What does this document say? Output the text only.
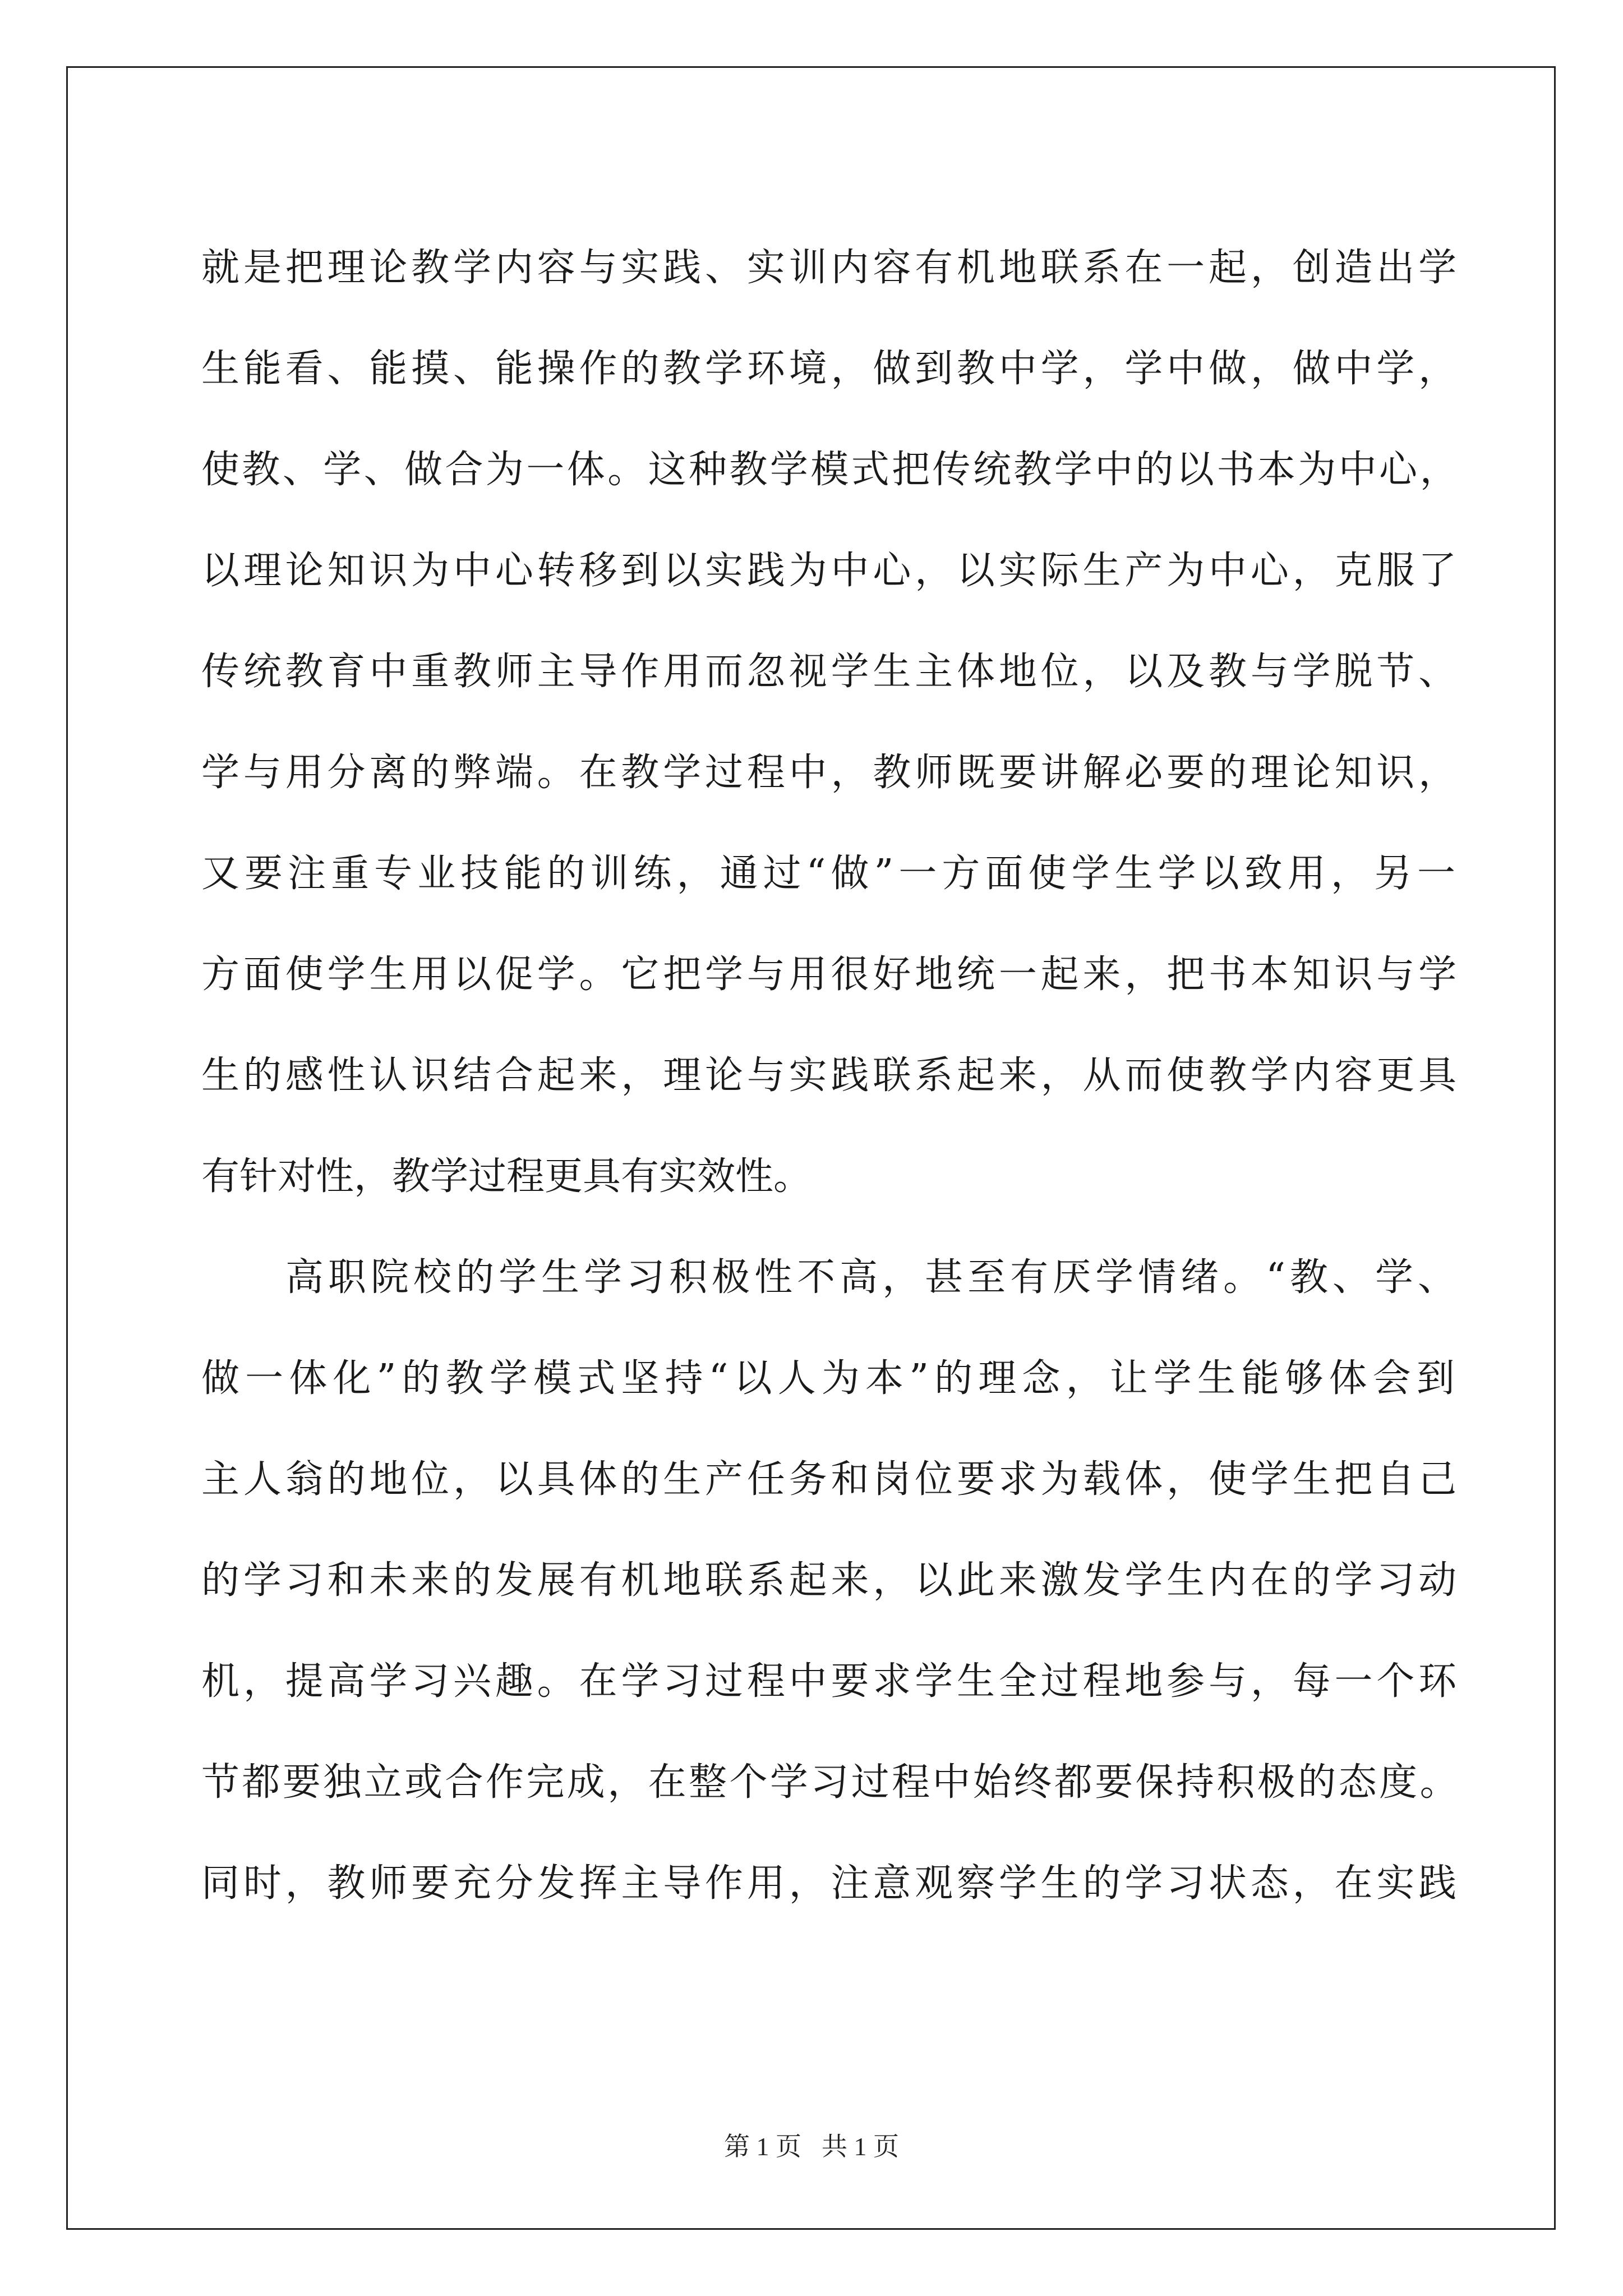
就是把理论教学内容与实践、实训内容有机地联系在一起，创造出学
生能看、能摸、能操作的教学环境，做到教中学，学中做，做中学，
使教、学、做合为一体。这种教学模式把传统教学中的以书本为中心，
以理论知识为中心转移到以实践为中心，以实际生产为中心，克服了
传统教育中重教师主导作用而忽视学生主体地位，以及教与学脱节、
学与用分离的弊端。在教学过程中，教师既要讲解必要的理论知识，
又要注重专业技能的训练，通过“做”一方面使学生学以致用，另一
方面使学生用以促学。它把学与用很好地统一起来，把书本知识与学
生的感性认识结合起来，理论与实践联系起来，从而使教学内容更具
有针对性，教学过程更具有实效性。
高职院校的学生学习积极性不高，甚至有厌学情绪。“教、学、
做一体化”的教学模式坚持“以人为本”的理念，让学生能够体会到
主人翁的地位，以具体的生产任务和岗位要求为载体，使学生把自己
的学习和未来的发展有机地联系起来，以此来激发学生内在的学习动
机，提高学习兴趣。在学习过程中要求学生全过程地参与，每一个环
节都要独立或合作完成，在整个学习过程中始终都要保持积极的态度。
同时，教师要充分发挥主导作用，注意观察学生的学习状态，在实践
第 1 页 共 1 页
